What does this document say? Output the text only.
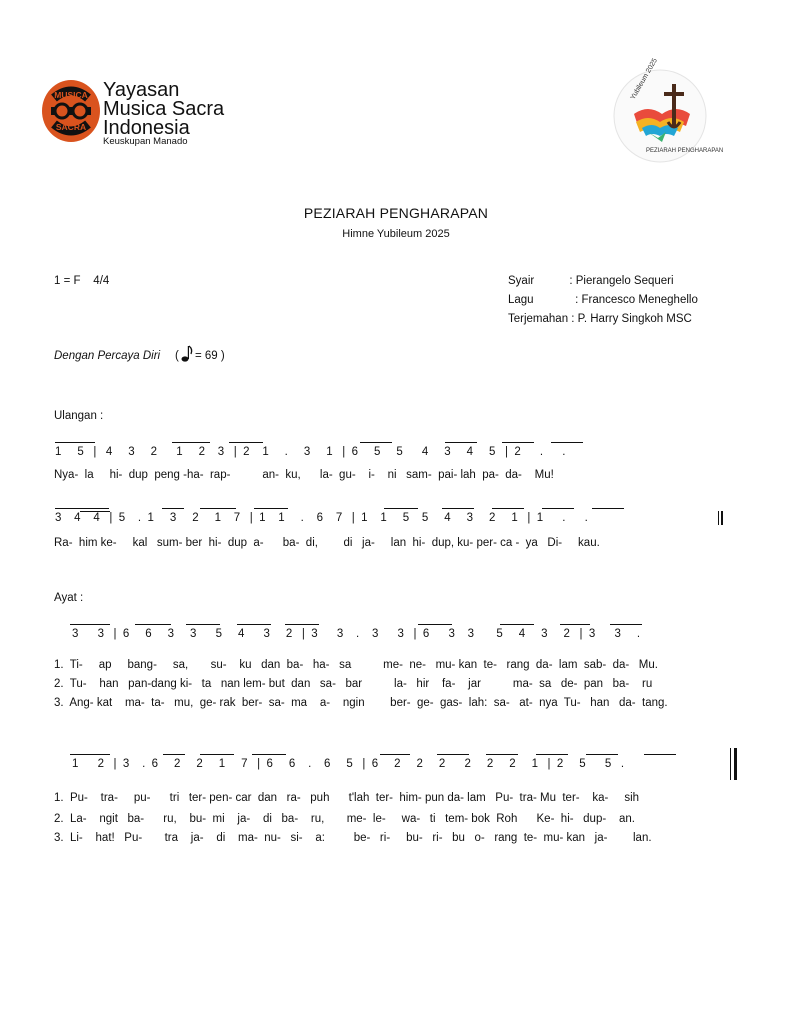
MUSICA
SACRA
Yayasan
Musica Sacra
Indonesia
Keuskupan Manado
Yubileum 2025
PEZIARAH PENGHARAPAN
PEZIARAH PENGHARAPAN
Himne Yubileum 2025
1 = F    4/4	Syair           : Pierangelo Sequeri
Lagu             : Francesco Meneghello
Terjemahan : P. Harry Singkoh MSC
Dengan Percaya Diri ( = 69 )
Ulangan :
1     5   |   4     3     2      1     2    3   |  2    1     .     3     1   |  6     5     5      4     3     4     5   |  2      .      .
Nya-  la     hi-  dup  peng -ha-  rap-          an-  ku,      la-  gu-    i-    ni   sam-  pai- lah  pa-  da-    Mu!
3    4    4   |  5    .  1     3     2     1    7   |  1    1     .    6    7   |  1    1     5    5     4     3     2     1   |  1      .      .
Ra-  him ke-     kal   sum- ber  hi-  dup  a-      ba-  di,        di   ja-     lan  hi-  dup, ku- per- ca -  ya   Di-     kau.
Ayat :
3      3   |  6     6     3     3      5     4      3     2   |  3      3    .    3      3   |  6      3    3       5     4     3     2   |  3      3     .
1.  Ti-     ap     bang-     sa,       su-    ku   dan  ba-   ha-   sa          me-  ne-   mu- kan  te-   rang  da-  lam  sab-  da-   Mu.
2.  Tu-    han   pan-dang ki-   ta   nan lem- but  dan   sa-   bar          la-   hir    fa-    jar          ma-  sa   de-  pan   ba-    ru
3.  Ang- kat    ma-  ta-   mu,  ge- rak  ber-  sa-  ma    a-    ngin        ber-  ge-  gas-  lah:  sa-   at-  nya  Tu-   han   da-  tang.
1      2   |  3    .  6     2     2     1     7   |  6     6    .    6     5   |  6     2     2     2      2     2     2     1   |  2     5      5   .
1.  Pu-    tra-     pu-      tri   ter- pen- car  dan   ra-   puh      t'lah  ter-  him- pun da- lam   Pu-  tra- Mu  ter-    ka-     sih
2.  La-    ngit   ba-      ru,    bu-  mi    ja-    di   ba-    ru,       me-  le-     wa-   ti   tem- bok  Roh      Ke-  hi-   dup-    an.
3.  Li-    hat!   Pu-       tra    ja-    di    ma-  nu-   si-    a:         be-   ri-     bu-   ri-   bu   o-   rang  te-  mu- kan   ja-        lan.
